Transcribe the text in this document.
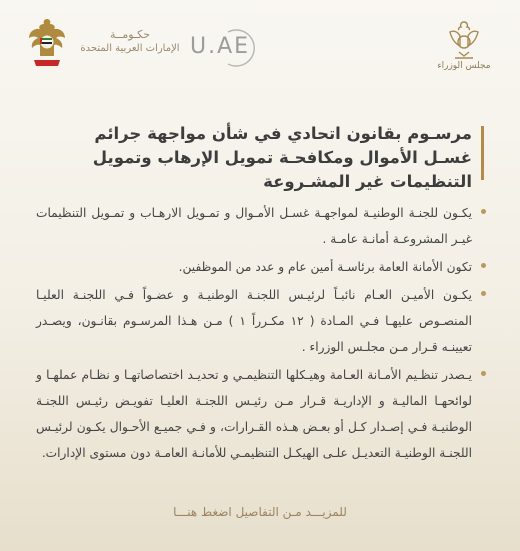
مجلس الوزراء
حكـومــة
الإمارات العربية المتحدة U.AE
مرسـوم بقانون اتحادي في شأن مواجهة جرائم غسـل الأموال ومكافحـة تمويل الإرهاب وتمويل التنظيمات غير المشـروعة
يكـون للجنـة الوطنيـة لمواجهـة غسـل الأمـوال و تمـويل الارهـاب و تمـويل التنظيمات غيـر المشروعـة أمانـة عامـة .
تكون الأمانة العامة برئاسـة أمين عام و عدد من الموظفين.
يكـون الأميـن العـام نائبـاً لرئيـس اللجنـة الوطنيـة و عضـواً فـي اللجنـة العليـا المنصـوص عليهـا فـي المـادة ( ١٢ مكـرراً ١ ) مـن هـذا المرسـوم بقانـون، ويصـدر تعيينـه قـرار مـن مجلـس الوزراء .
يـصدر تنظـيم الأمـانة العـامة وهيـكلها التنظيمـي و تحديـد اختصاصاتهـا و نظـام عملهـا و لوائحهـا الماليـة و الإداريـة قـرار مـن رئيـس اللجنـة العليـا تفويـض رئيـس اللجنـة الوطنيـة فـي إصـدار كـل أو بعـض هـذه القـرارات، و فـي جميـع الأحـوال يكـون لرئيـس اللجنـة الوطنيـة التعديـل علـى الهيكـل التنظيمـي للأمانـة العامـة دون مستوى الإدارات.
للمزيـــد مـن التفاصيل اضغط هنـــا
